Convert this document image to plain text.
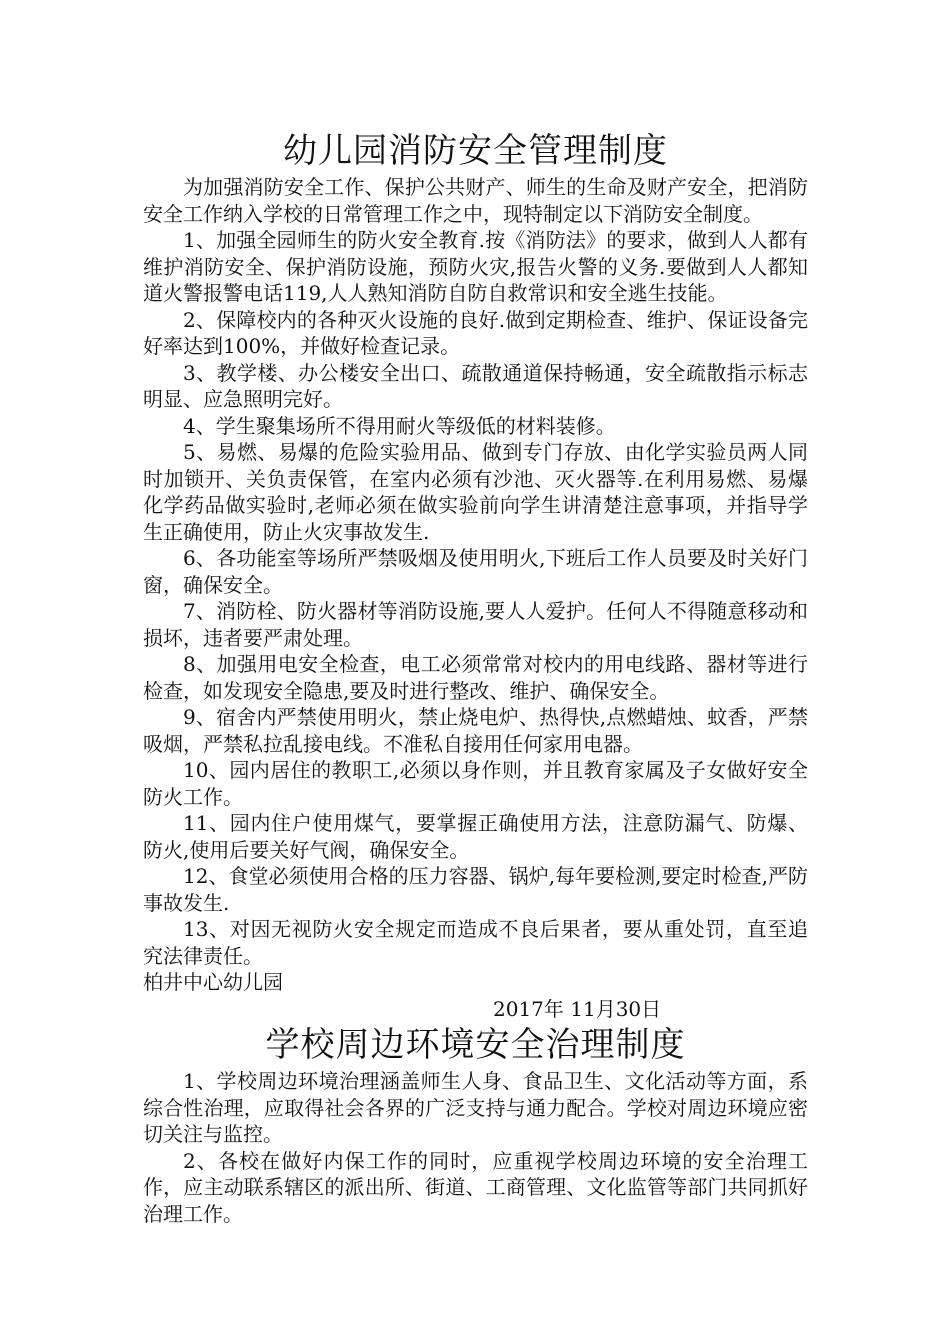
幼儿园消防安全管理制度

为加强消防安全工作、保护公共财产、师生的生命及财产安全，把消防安全工作纳入学校的日常管理工作之中，现特制定以下消防安全制度。

1、加强全园师生的防火安全教育.按《消防法》的要求，做到人人都有维护消防安全、保护消防设施，预防火灾,报告火警的义务.要做到人人都知道火警报警电话119,人人熟知消防自防自救常识和安全逃生技能。

2、保障校内的各种灭火设施的良好.做到定期检查、维护、保证设备完好率达到100%，并做好检查记录。

3、教学楼、办公楼安全出口、疏散通道保持畅通，安全疏散指示标志明显、应急照明完好。

4、学生聚集场所不得用耐火等级低的材料装修。

5、易燃、易爆的危险实验用品、做到专门存放、由化学实验员两人同时加锁开、关负责保管，在室内必须有沙池、灭火器等.在利用易燃、易爆化学药品做实验时,老师必须在做实验前向学生讲清楚注意事项，并指导学生正确使用，防止火灾事故发生.

6、各功能室等场所严禁吸烟及使用明火,下班后工作人员要及时关好门窗，确保安全。

7、消防栓、防火器材等消防设施,要人人爱护。任何人不得随意移动和损坏，违者要严肃处理。

8、加强用电安全检查，电工必须常常对校内的用电线路、器材等进行检查，如发现安全隐患,要及时进行整改、维护、确保安全。

9、宿舍内严禁使用明火，禁止烧电炉、热得快,点燃蜡烛、蚊香，严禁吸烟，严禁私拉乱接电线。不准私自接用任何家用电器。

10、园内居住的教职工,必须以身作则，并且教育家属及子女做好安全防火工作。

11、园内住户使用煤气，要掌握正确使用方法，注意防漏气、防爆、防火,使用后要关好气阀，确保安全。

12、食堂必须使用合格的压力容器、锅炉,每年要检测,要定时检查,严防事故发生.

13、对因无视防火安全规定而造成不良后果者，要从重处罚，直至追究法律责任。

柏井中心幼儿园

2017年 11月30日

学校周边环境安全治理制度

1、学校周边环境治理涵盖师生人身、食品卫生、文化活动等方面，系综合性治理，应取得社会各界的广泛支持与通力配合。学校对周边环境应密切关注与监控。

2、各校在做好内保工作的同时，应重视学校周边环境的安全治理工作，应主动联系辖区的派出所、街道、工商管理、文化监管等部门共同抓好治理工作。
